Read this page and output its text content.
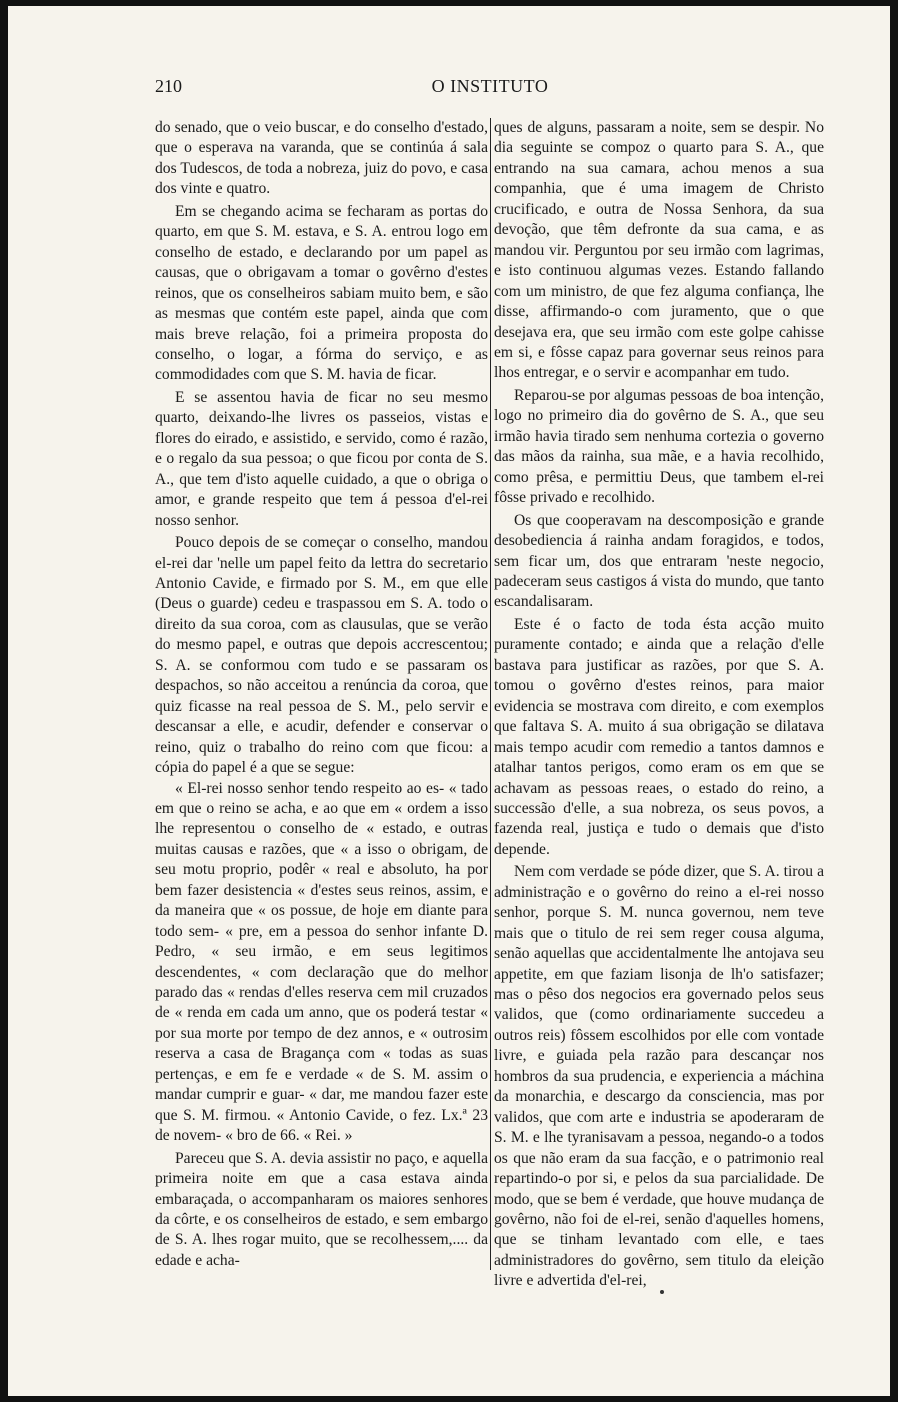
210	O INSTITUTO

do senado, que o veio buscar, e do conselho d'estado, que o esperava na varanda, que se continúa á sala dos Tudescos, de toda a nobreza, juiz do povo, e casa dos vinte e quatro.

Em se chegando acima se fecharam as portas do quarto, em que S. M. estava, e S. A. entrou logo em conselho de estado, e declarando por um papel as causas, que o obrigavam a tomar o govêrno d'estes reinos, que os conselheiros sabiam muito bem, e são as mesmas que contém este papel, ainda que com mais breve relação, foi a primeira proposta do conselho, o logar, a fórma do serviço, e as commodidades com que S. M. havia de ficar.

E se assentou havia de ficar no seu mesmo quarto, deixando-lhe livres os passeios, vistas e flores do eirado, e assistido, e servido, como é razão, e o regalo da sua pessoa; o que ficou por conta de S. A., que tem d'isto aquelle cuidado, a que o obriga o amor, e grande respeito que tem á pessoa d'el-rei nosso senhor.

Pouco depois de se começar o conselho, mandou el-rei dar 'nelle um papel feito da lettra do secretario Antonio Cavide, e firmado por S. M., em que elle (Deus o guarde) cedeu e traspassou em S. A. todo o direito da sua coroa, com as clausulas, que se verão do mesmo papel, e outras que depois accrescentou; S. A. se conformou com tudo e se passaram os despachos, so não acceitou a renúncia da coroa, que quiz ficasse na real pessoa de S. M., pelo servir e descansar a elle, e acudir, defender e conservar o reino, quiz o trabalho do reino com que ficou: a cópia do papel é a que se segue:

« El-rei nosso senhor tendo respeito ao es- « tado em que o reino se acha, e ao que em « ordem a isso lhe representou o conselho de « estado, e outras muitas causas e razões, que « a isso o obrigam, de seu motu proprio, podêr « real e absoluto, ha por bem fazer desistencia « d'estes seus reinos, assim, e da maneira que « os possue, de hoje em diante para todo sem- « pre, em a pessoa do senhor infante D. Pedro, « seu irmão, e em seus legitimos descendentes, « com declaração que do melhor parado das « rendas d'elles reserva cem mil cruzados de « renda em cada um anno, que os poderá testar « por sua morte por tempo de dez annos, e « outrosim reserva a casa de Bragança com « todas as suas pertenças, e em fe e verdade « de S. M. assim o mandar cumprir e guar- « dar, me mandou fazer este que S. M. firmou. « Antonio Cavide, o fez. Lx.ª 23 de novem- « bro de 66. « Rei. »

Pareceu que S. A. devia assistir no paço, e aquella primeira noite em que a casa estava ainda embaraçada, o accompanharam os maiores senhores da côrte, e os conselheiros de estado, e sem embargo de S. A. lhes rogar muito, que se recolhessem,.... da edade e acha-

ques de alguns, passaram a noite, sem se despir. No dia seguinte se compoz o quarto para S. A., que entrando na sua camara, achou menos a sua companhia, que é uma imagem de Christo crucificado, e outra de Nossa Senhora, da sua devoção, que têm defronte da sua cama, e as mandou vir. Perguntou por seu irmão com lagrimas, e isto continuou algumas vezes. Estando fallando com um ministro, de que fez alguma confiança, lhe disse, affirmando-o com juramento, que o que desejava era, que seu irmão com este golpe cahisse em si, e fôsse capaz para governar seus reinos para lhos entregar, e o servir e acompanhar em tudo.

Reparou-se por algumas pessoas de boa intenção, logo no primeiro dia do govêrno de S. A., que seu irmão havia tirado sem nenhuma cortezia o governo das mãos da rainha, sua mãe, e a havia recolhido, como prêsa, e permittiu Deus, que tambem el-rei fôsse privado e recolhido.

Os que cooperavam na descomposição e grande desobediencia á rainha andam foragidos, e todos, sem ficar um, dos que entraram 'neste negocio, padeceram seus castigos á vista do mundo, que tanto escandalisaram.

Este é o facto de toda ésta acção muito puramente contado; e ainda que a relação d'elle bastava para justificar as razões, por que S. A. tomou o govêrno d'estes reinos, para maior evidencia se mostrava com direito, e com exemplos que faltava S. A. muito á sua obrigação se dilatava mais tempo acudir com remedio a tantos damnos e atalhar tantos perigos, como eram os em que se achavam as pessoas reaes, o estado do reino, a successão d'elle, a sua nobreza, os seus povos, a fazenda real, justiça e tudo o demais que d'isto depende.

Nem com verdade se póde dizer, que S. A. tirou a administração e o govêrno do reino a el-rei nosso senhor, porque S. M. nunca governou, nem teve mais que o titulo de rei sem reger cousa alguma, senão aquellas que accidentalmente lhe antojava seu appetite, em que faziam lisonja de lh'o satisfazer; mas o pêso dos negocios era governado pelos seus validos, que (como ordinariamente succedeu a outros reis) fôssem escolhidos por elle com vontade livre, e guiada pela razão para descançar nos hombros da sua prudencia, e experiencia a máchina da monarchia, e descargo da consciencia, mas por validos, que com arte e industria se apoderaram de S. M. e lhe tyranisavam a pessoa, negando-o a todos os que não eram da sua facção, e o patrimonio real repartindo-o por si, e pelos da sua parcialidade. De modo, que se bem é verdade, que houve mudança de govêrno, não foi de el-rei, senão d'aquelles homens, que se tinham levantado com elle, e taes administradores do govêrno, sem titulo da eleição livre e advertida d'el-rei,
